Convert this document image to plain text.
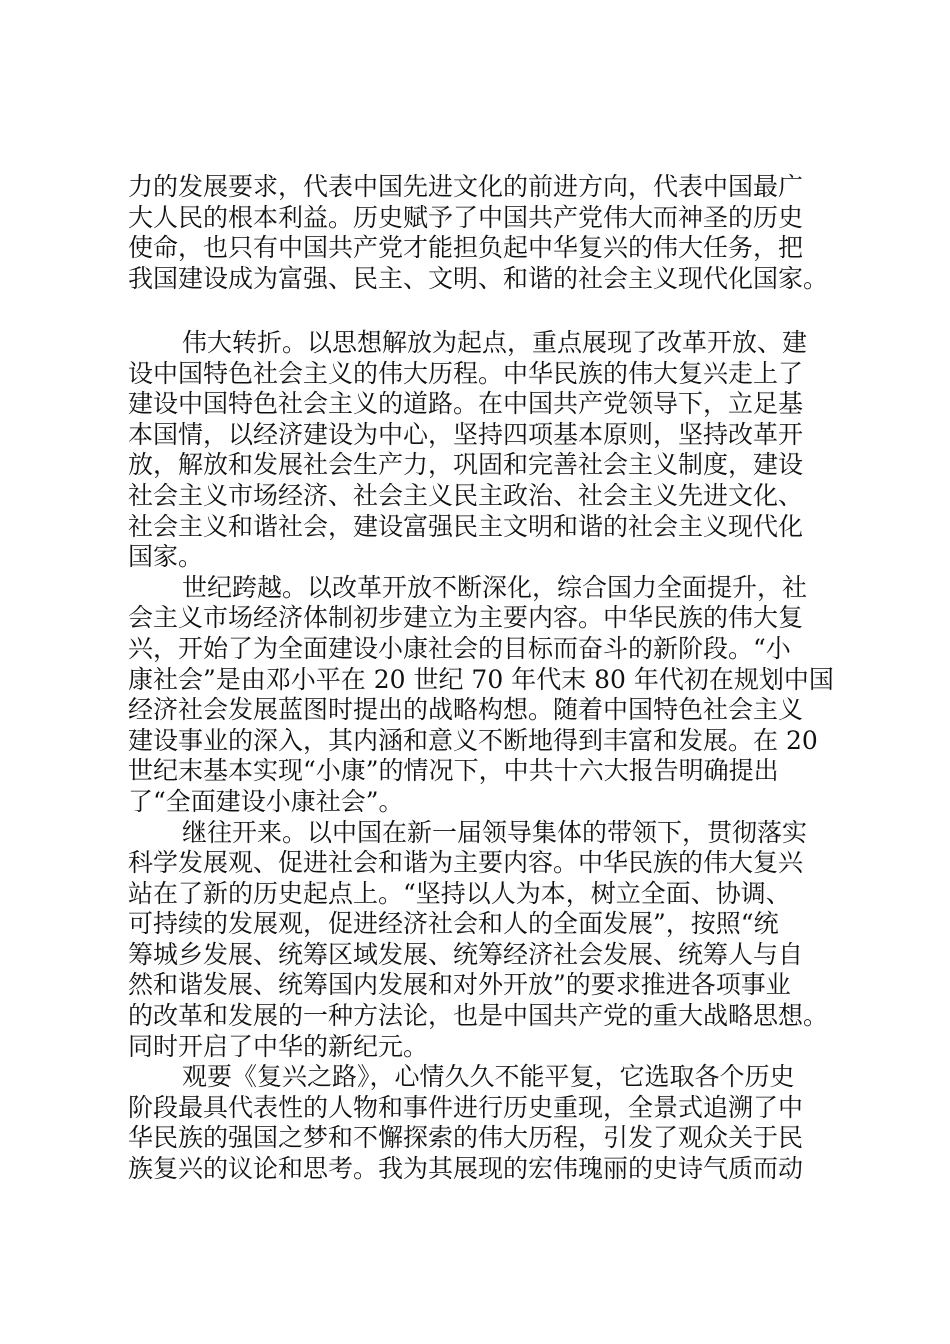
力的发展要求，代表中国先进文化的前进方向，代表中国最广
大人民的根本利益。历史赋予了中国共产党伟大而神圣的历史
使命，也只有中国共产党才能担负起中华复兴的伟大任务，把
我国建设成为富强、民主、文明、和谐的社会主义现代化国家。
伟大转折。以思想解放为起点，重点展现了改革开放、建
设中国特色社会主义的伟大历程。中华民族的伟大复兴走上了
建设中国特色社会主义的道路。在中国共产党领导下，立足基
本国情，以经济建设为中心，坚持四项基本原则，坚持改革开
放，解放和发展社会生产力，巩固和完善社会主义制度，建设
社会主义市场经济、社会主义民主政治、社会主义先进文化、
社会主义和谐社会，建设富强民主文明和谐的社会主义现代化
国家。
世纪跨越。以改革开放不断深化，综合国力全面提升，社
会主义市场经济体制初步建立为主要内容。中华民族的伟大复
兴，开始了为全面建设小康社会的目标而奋斗的新阶段。“小
康社会”是由邓小平在 20 世纪 70 年代末 80 年代初在规划中国
经济社会发展蓝图时提出的战略构想。随着中国特色社会主义
建设事业的深入，其内涵和意义不断地得到丰富和发展。在 20
世纪末基本实现“小康”的情况下，中共十六大报告明确提出
了“全面建设小康社会”。
继往开来。以中国在新一届领导集体的带领下，贯彻落实
科学发展观、促进社会和谐为主要内容。中华民族的伟大复兴
站在了新的历史起点上。“坚持以人为本，树立全面、协调、
可持续的发展观，促进经济社会和人的全面发展”，按照“统
筹城乡发展、统筹区域发展、统筹经济社会发展、统筹人与自
然和谐发展、统筹国内发展和对外开放”的要求推进各项事业
的改革和发展的一种方法论，也是中国共产党的重大战略思想。
同时开启了中华的新纪元。
观要《复兴之路》，心情久久不能平复，它选取各个历史
阶段最具代表性的人物和事件进行历史重现，全景式追溯了中
华民族的强国之梦和不懈探索的伟大历程，引发了观众关于民
族复兴的议论和思考。我为其展现的宏伟瑰丽的史诗气质而动
